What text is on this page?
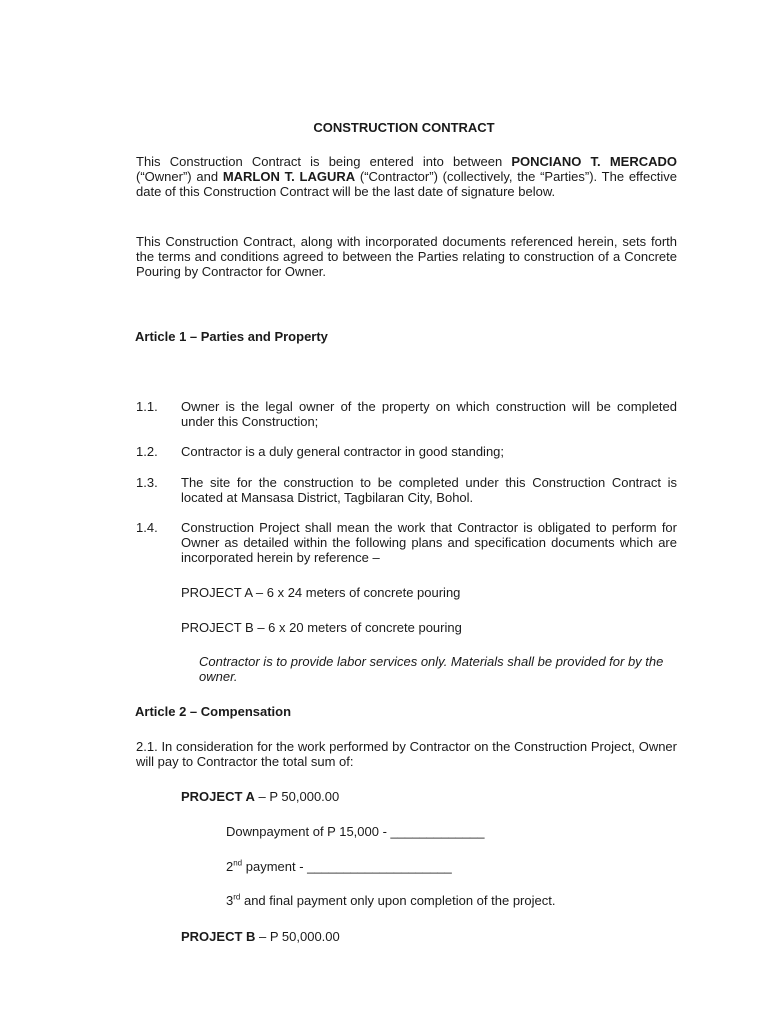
CONSTRUCTION CONTRACT

This Construction Contract is being entered into between PONCIANO T. MERCADO (“Owner”) and MARLON T. LAGURA (“Contractor”) (collectively, the “Parties”). The effective date of this Construction Contract will be the last date of signature below.

This Construction Contract, along with incorporated documents referenced herein, sets forth the terms and conditions agreed to between the Parties relating to construction of a Concrete Pouring by Contractor for Owner.

Article 1 – Parties and Property

1.1. Owner is the legal owner of the property on which construction will be completed under this Construction;

1.2. Contractor is a duly general contractor in good standing;

1.3. The site for the construction to be completed under this Construction Contract is located at Mansasa District, Tagbilaran City, Bohol.

1.4. Construction Project shall mean the work that Contractor is obligated to perform for Owner as detailed within the following plans and specification documents which are incorporated herein by reference –

PROJECT A – 6 x 24 meters of concrete pouring

PROJECT B – 6 x 20 meters of concrete pouring

Contractor is to provide labor services only. Materials shall be provided for by the owner.

Article 2 – Compensation

2.1. In consideration for the work performed by Contractor on the Construction Project, Owner will pay to Contractor the total sum of:

PROJECT A – P 50,000.00

Downpayment of P 15,000 - _____________

2nd payment - ____________________

3rd and final payment only upon completion of the project.

PROJECT B – P 50,000.00
